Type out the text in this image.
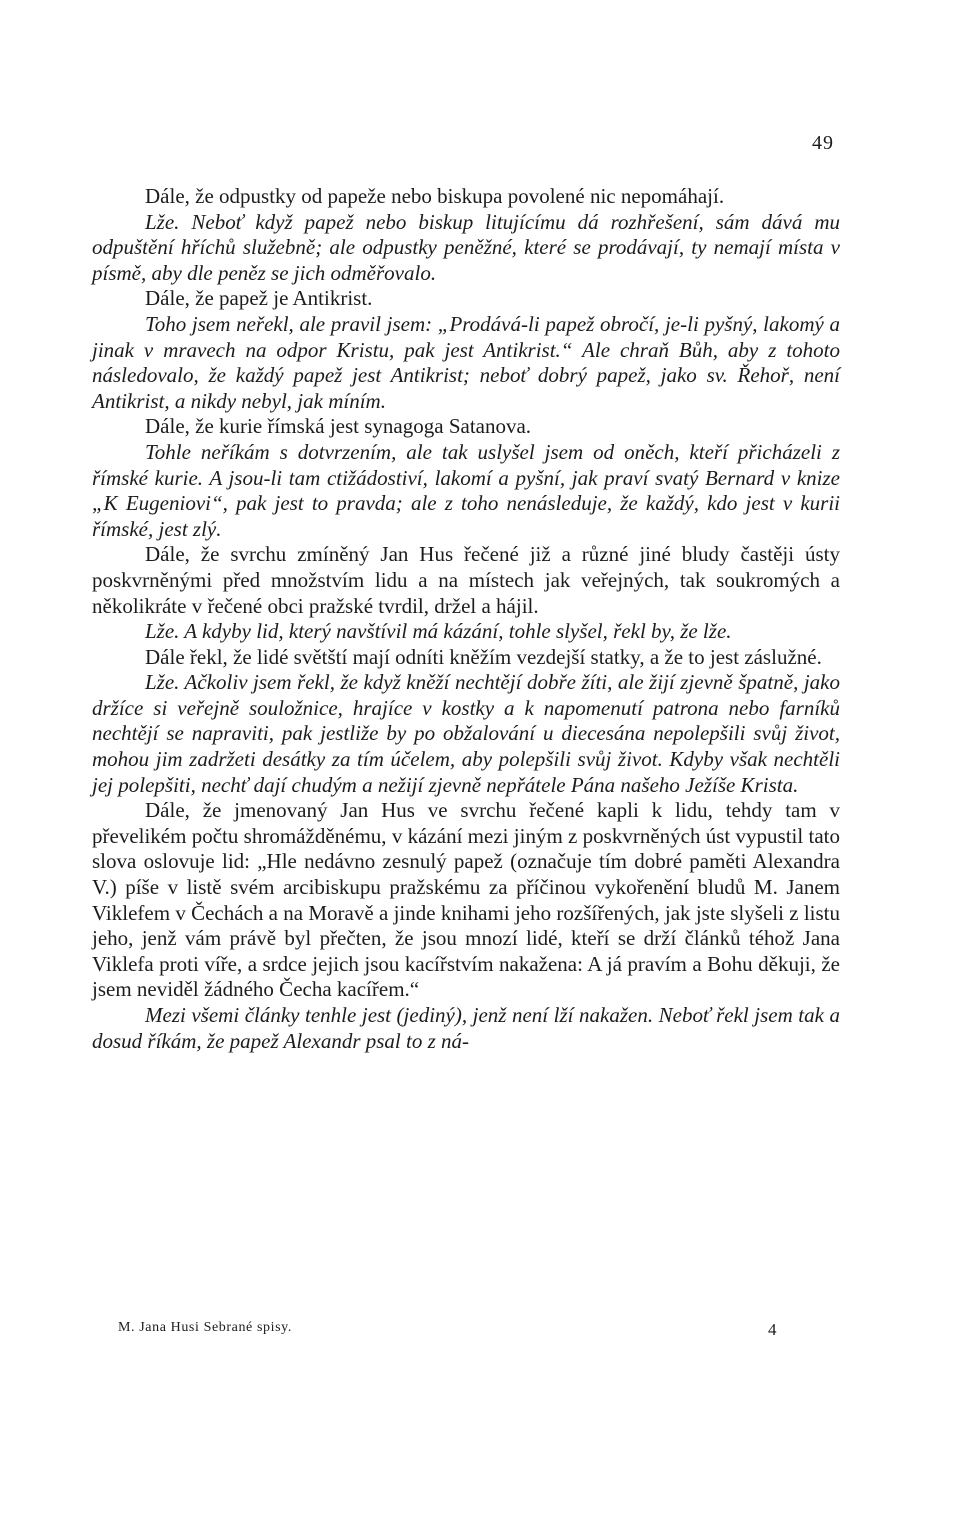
49

Dále, že odpustky od papeže nebo biskupa povolené nic nepomáhají.

Lže. Neboť když papež nebo biskup litujícímu dá rozhřešení, sám dává mu odpuštění hříchů služebně; ale odpustky peněžné, které se prodávají, ty nemají místa v písmě, aby dle peněz se jich odměřovalo.

Dále, že papež je Antikrist.

Toho jsem neřekl, ale pravil jsem: „Prodává-li papež obročí, je-li pyšný, lakomý a jinak v mravech na odpor Kristu, pak jest Antikrist.“ Ale chraň Bůh, aby z tohoto následovalo, že každý papež jest Antikrist; neboť dobrý papež, jako sv. Řehoř, není Antikrist, a nikdy nebyl, jak míním.

Dále, že kurie římská jest synagoga Satanova.

Tohle neříkám s dotvrzením, ale tak uslyšel jsem od oněch, kteří přicházeli z římské kurie. A jsou-li tam ctižádostiví, lakomí a pyšní, jak praví svatý Bernard v knize „K Eugeniovi“, pak jest to pravda; ale z toho nenásleduje, že každý, kdo jest v kurii římské, jest zlý.

Dále, že svrchu zmíněný Jan Hus řečené již a různé jiné bludy častěji ústy poskvrněnými před množstvím lidu a na místech jak veřejných, tak soukromých a několikráte v řečené obci pražské tvrdil, držel a hájil.

Lže. A kdyby lid, který navštívil má kázání, tohle slyšel, řekl by, že lže.

Dále řekl, že lidé světští mají odníti kněžím vezdejší statky, a že to jest záslužné.

Lže. Ačkoliv jsem řekl, že když kněží nechtějí dobře žíti, ale žijí zjevně špatně, jako držíce si veřejně souložnice, hrajíce v kostky a k napomenutí patrona nebo farníků nechtějí se napraviti, pak jestliže by po obžalování u diecesána nepolepšili svůj život, mohou jim zadržeti desátky za tím účelem, aby polepšili svůj život. Kdyby však nechtěli jej polepšiti, nechť dají chudým a nežijí zjevně nepřátele Pána našeho Ježíše Krista.

Dále, že jmenovaný Jan Hus ve svrchu řečené kapli k lidu, tehdy tam v převelikém počtu shromážděnému, v kázání mezi jiným z poskvrněných úst vypustil tato slova oslovuje lid: „Hle nedávno zesnulý papež (označuje tím dobré paměti Alexandra V.) píše v listě svém arcibiskupu pražskému za příčinou vykořenění bludů M. Janem Viklefem v Čechách a na Moravě a jinde knihami jeho rozšířených, jak jste slyšeli z listu jeho, jenž vám právě byl přečten, že jsou mnozí lidé, kteří se drží článků téhož Jana Viklefa proti víře, a srdce jejich jsou kacířstvím nakažena: A já pravím a Bohu děkuji, že jsem neviděl žádného Čecha kacířem.“

Mezi všemi články tenhle jest (jediný), jenž není lží nakažen. Neboť řekl jsem tak a dosud říkám, že papež Alexandr psal to z ná-

M. Jana Husi Sebrané spisy.	4
